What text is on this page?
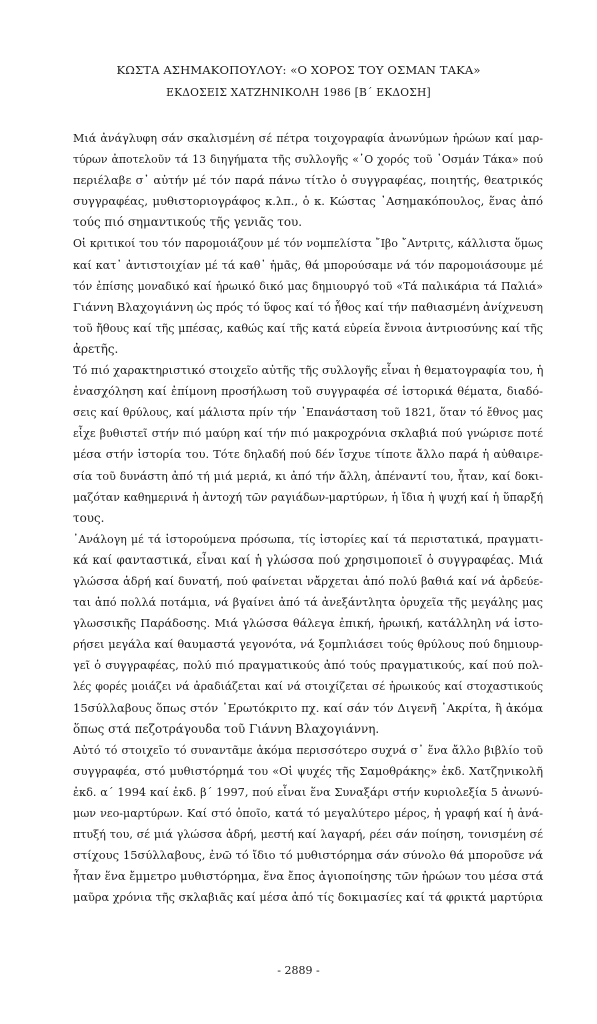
ΚΩΣΤΑ ΑΣΗΜΑΚΟΠΟΥΛΟΥ: «Ο ΧΟΡΟΣ ΤΟΥ ΟΣΜΑΝ ΤΑΚΑ»

ΕΚΔΟΣΕΙΣ ΧΑΤΖΗΝΙΚΟΛΗ 1986 [Β΄ ΕΚΔΟΣΗ]

Μιά ἀνάγλυφη σάν σκαλισμένη σέ πέτρα τοιχογραφία ἀνωνύμων ἡρώων καί μαρ-
τύρων ἀποτελοῦν τά 13 διηγήματα τῆς συλλογῆς «῾Ο χορός τοῦ ᾿Οσμάν Τάκα» πού
περιέλαβε σ᾿ αὐτήν μέ τόν παρά πάνω τίτλο ὁ συγγραφέας, ποιητής, θεατρικός
συγγραφέας, μυθιστοριογράφος κ.λπ., ὁ κ. Κώστας ᾿Ασημακόπουλος, ἕνας ἀπό
τούς πιό σημαντικούς τῆς γενιᾶς του.
Οἱ κριτικοί του τόν παρομοιάζουν μέ τόν νομπελίστα ῎Ιβο ῎Αντριτς, κάλλιστα ὅμως
καί κατ᾿ ἀντιστοιχίαν μέ τά καθ᾿ ἡμᾶς, θά μπορούσαμε νά τόν παρομοιάσουμε μέ
τόν ἐπίσης μοναδικό καί ἡρωικό δικό μας δημιουργό τοῦ «Τά παλικάρια τά Παλιά»
Γιάννη Βλαχογιάννη ὡς πρός τό ὕφος καί τό ἦθος καί τήν παθιασμένη ἀνίχνευση
τοῦ ἤθους καί τῆς μπέσας, καθώς καί τῆς κατά εὐρεία ἔννοια ἀντριοσύνης καί τῆς
ἀρετῆς.
Τό πιό χαρακτηριστικό στοιχεῖο αὐτῆς τῆς συλλογῆς εἶναι ἡ θεματογραφία του, ἡ
ἐνασχόληση καί ἐπίμονη προσήλωση τοῦ συγγραφέα σέ ἱστορικά θέματα, διαδό-
σεις καί θρύλους, καί μάλιστα πρίν τήν ᾿Επανάσταση τοῦ 1821, ὅταν τό ἔθνος μας
εἶχε βυθιστεῖ στήν πιό μαύρη καί τήν πιό μακροχρόνια σκλαβιά πού γνώρισε ποτέ
μέσα στήν ἱστορία του. Τότε δηλαδή πού δέν ἴσχυε τίποτε ἄλλο παρά ἡ αὐθαιρε-
σία τοῦ δυνάστη ἀπό τή μιά μεριά, κι ἀπό τήν ἄλλη, ἀπέναντί του, ἦταν, καί δοκι-
μαζόταν καθημερινά ἡ ἀντοχή τῶν ραγιάδων-μαρτύρων, ἡ ἴδια ἡ ψυχή καί ἡ ὕπαρξή
τους.
᾿Ανάλογη μέ τά ἱστορούμενα πρόσωπα, τίς ἱστορίες καί τά περιστατικά, πραγματι-
κά καί φανταστικά, εἶναι καί ἡ γλώσσα πού χρησιμοποιεῖ ὁ συγγραφέας. Μιά
γλώσσα ἁδρή καί δυνατή, πού φαίνεται νἄρχεται ἀπό πολύ βαθιά καί νά ἀρδεύε-
ται ἀπό πολλά ποτάμια, νά βγαίνει ἀπό τά ἀνεξάντλητα ὀρυχεῖα τῆς μεγάλης μας
γλωσσικῆς Παράδοσης. Μιά γλώσσα θάλεγα ἐπική, ἡρωική, κατάλληλη νά ἱστο-
ρήσει μεγάλα καί θαυμαστά γεγονότα, νά ξομπλιάσει τούς θρύλους πού δημιουρ-
γεῖ ὁ συγγραφέας, πολύ πιό πραγματικούς ἀπό τούς πραγματικούς, καί πού πολ-
λές φορές μοιάζει νά ἀραδιάζεται καί νά στοιχίζεται σέ ἡρωικούς καί στοχαστικούς
15σύλλαβους ὅπως στόν ᾿Ερωτόκριτο πχ. καί σάν τόν Διγενῆ ᾿Ακρίτα, ἢ ἀκόμα
ὅπως στά πεζοτράγουδα τοῦ Γιάννη Βλαχογιάννη.
Αὐτό τό στοιχεῖο τό συναντᾶμε ἀκόμα περισσότερο συχνά σ᾿ ἕνα ἄλλο βιβλίο τοῦ
συγγραφέα, στό μυθιστόρημά του «Οἱ ψυχές τῆς Σαμοθράκης» ἐκδ. Χατζηνικολῆ
ἐκδ. α΄ 1994 καί ἐκδ. β΄ 1997, πού εἶναι ἕνα Συναξάρι στήν κυριολεξία 5 ἀνωνύ-
μων νεο-μαρτύρων. Καί στό ὁποῖο, κατά τό μεγαλύτερο μέρος, ἡ γραφή καί ἡ ἀνά-
πτυξή του, σέ μιά γλώσσα ἁδρή, μεστή καί λαγαρή, ρέει σάν ποίηση, τονισμένη σέ
στίχους 15σύλλαβους, ἐνῶ τό ἴδιο τό μυθιστόρημα σάν σύνολο θά μποροῦσε νά
ἦταν ἕνα ἔμμετρο μυθιστόρημα, ἕνα ἔπος ἁγιοποίησης τῶν ἡρώων του μέσα στά
μαῦρα χρόνια τῆς σκλαβιᾶς καί μέσα ἀπό τίς δοκιμασίες καί τά φρικτά μαρτύρια
- 2889 -
